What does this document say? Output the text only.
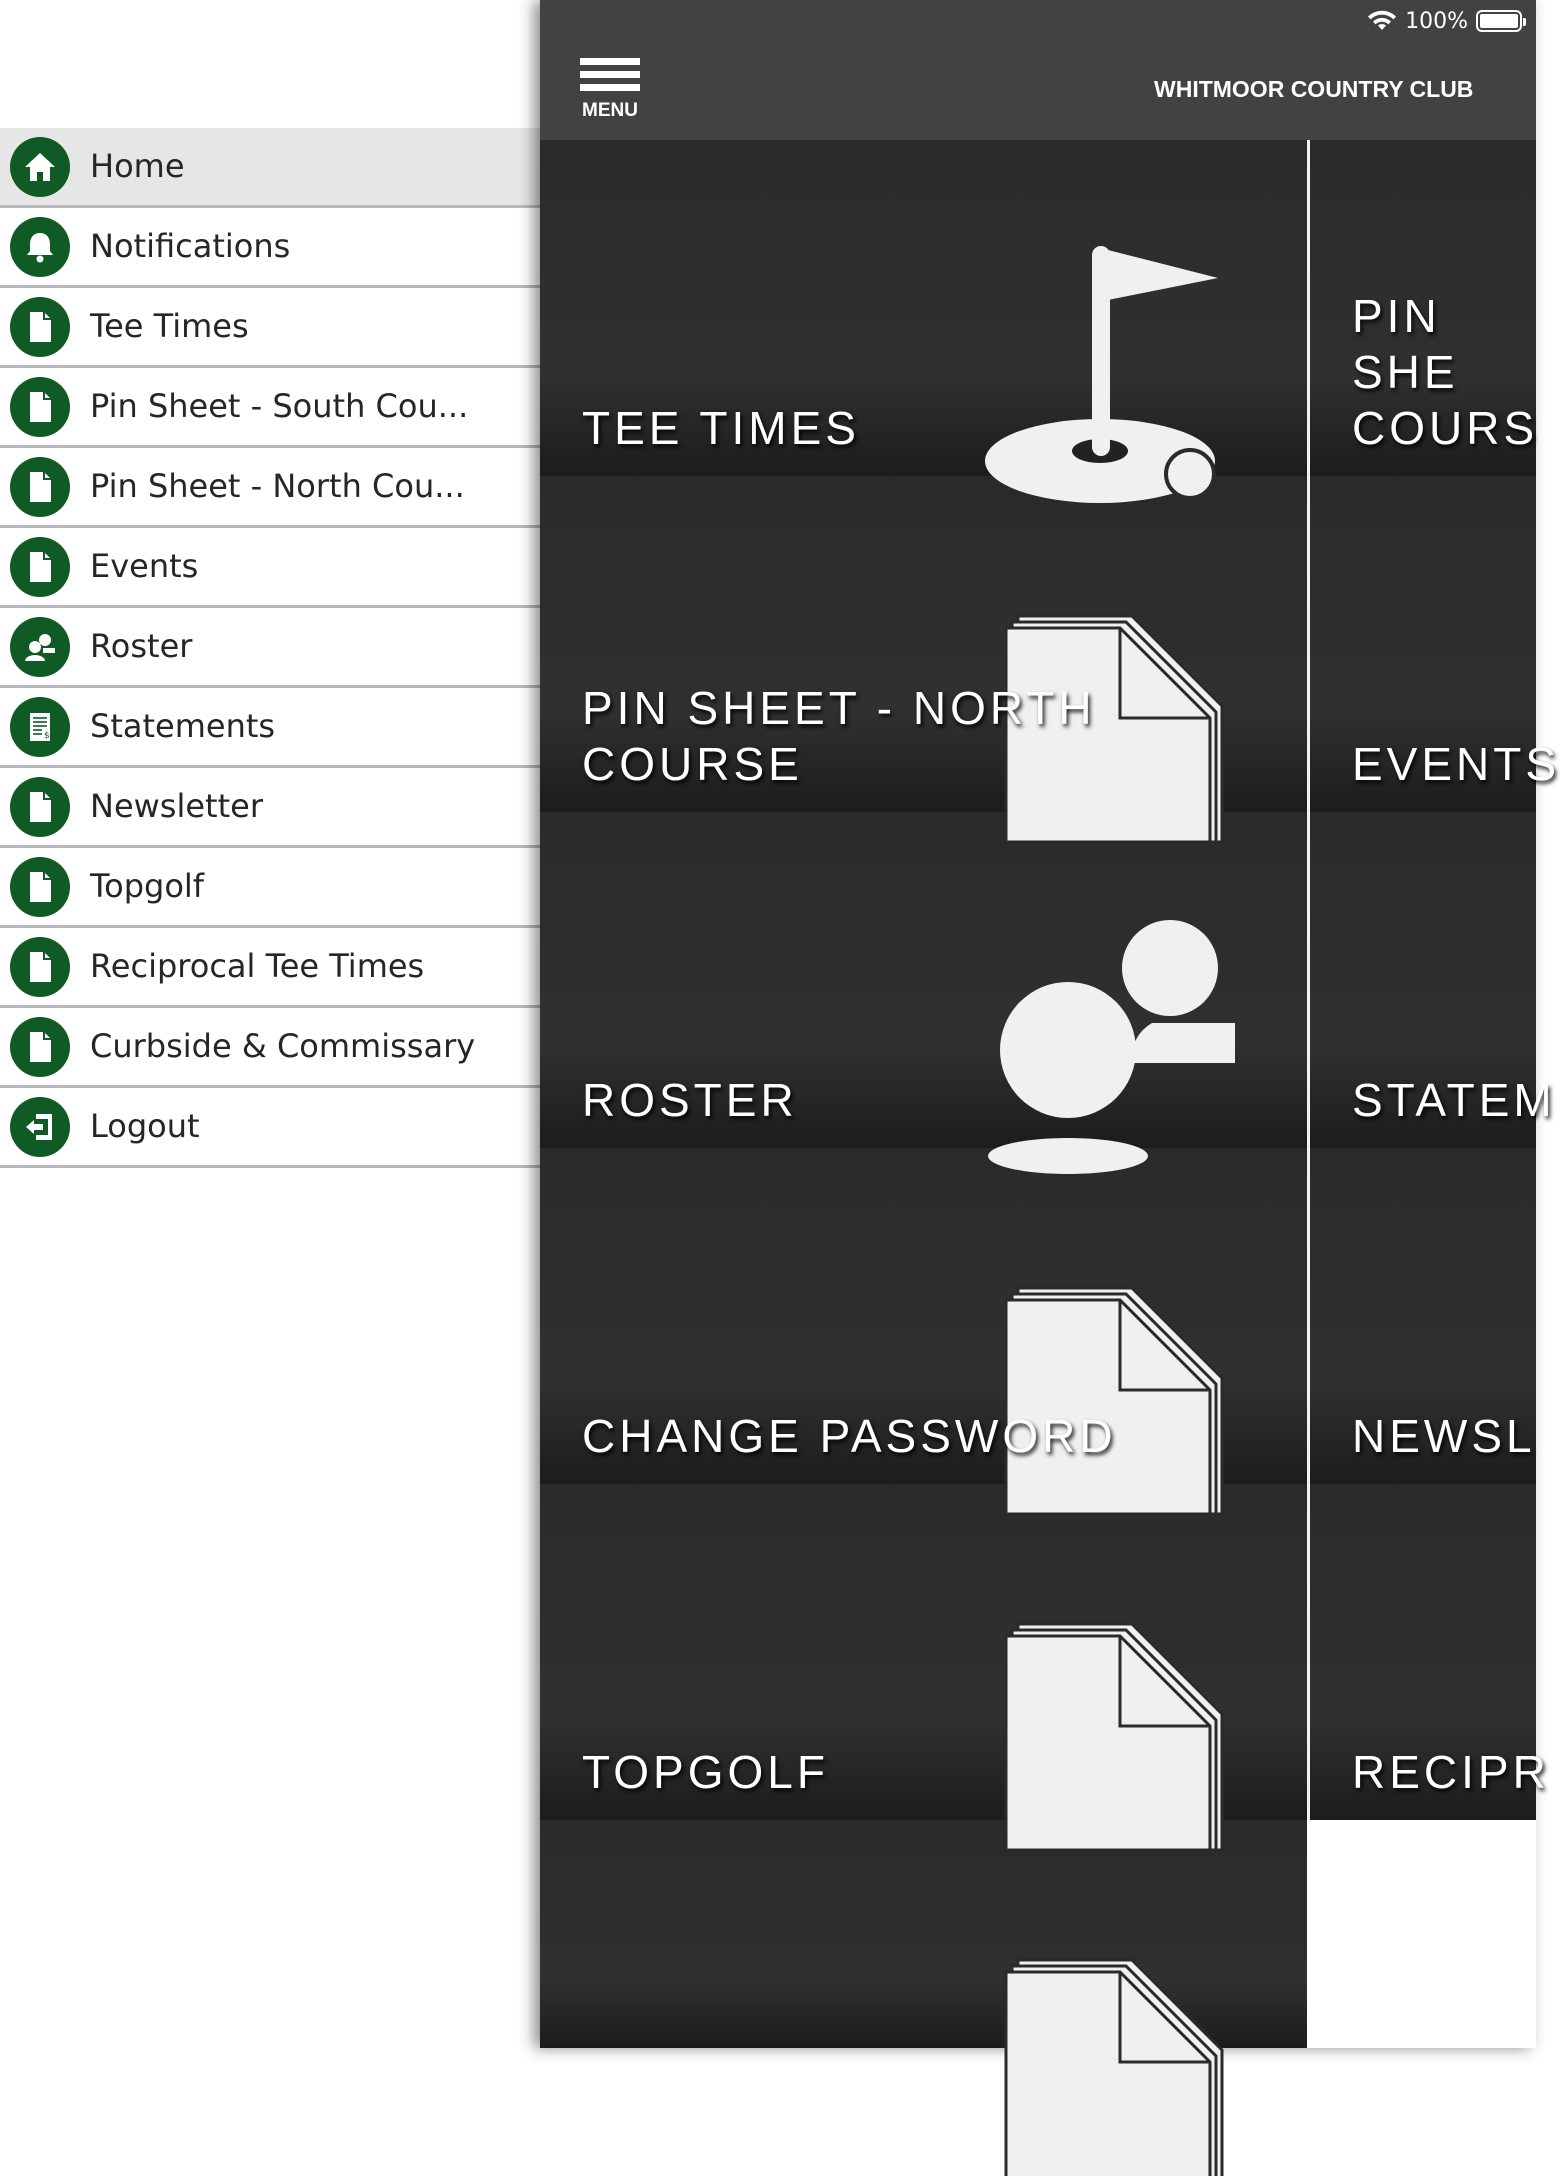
Home
Notifications
Tee Times
Pin Sheet - South Cou...
Pin Sheet - North Cou...
Events
Roster
$ Statements
Newsletter
Topgolf
Reciprocal Tee Times
Curbside & Commissary
Logout
100%
MENU
WHITMOOR COUNTRY CLUB
TEE TIMES
PIN SHEET - NORTH
COURSE
ROSTER
CHANGE PASSWORD
TOPGOLF
PIN SHE
COURS
EVENTS
STATEM
NEWSL
RECIPR
